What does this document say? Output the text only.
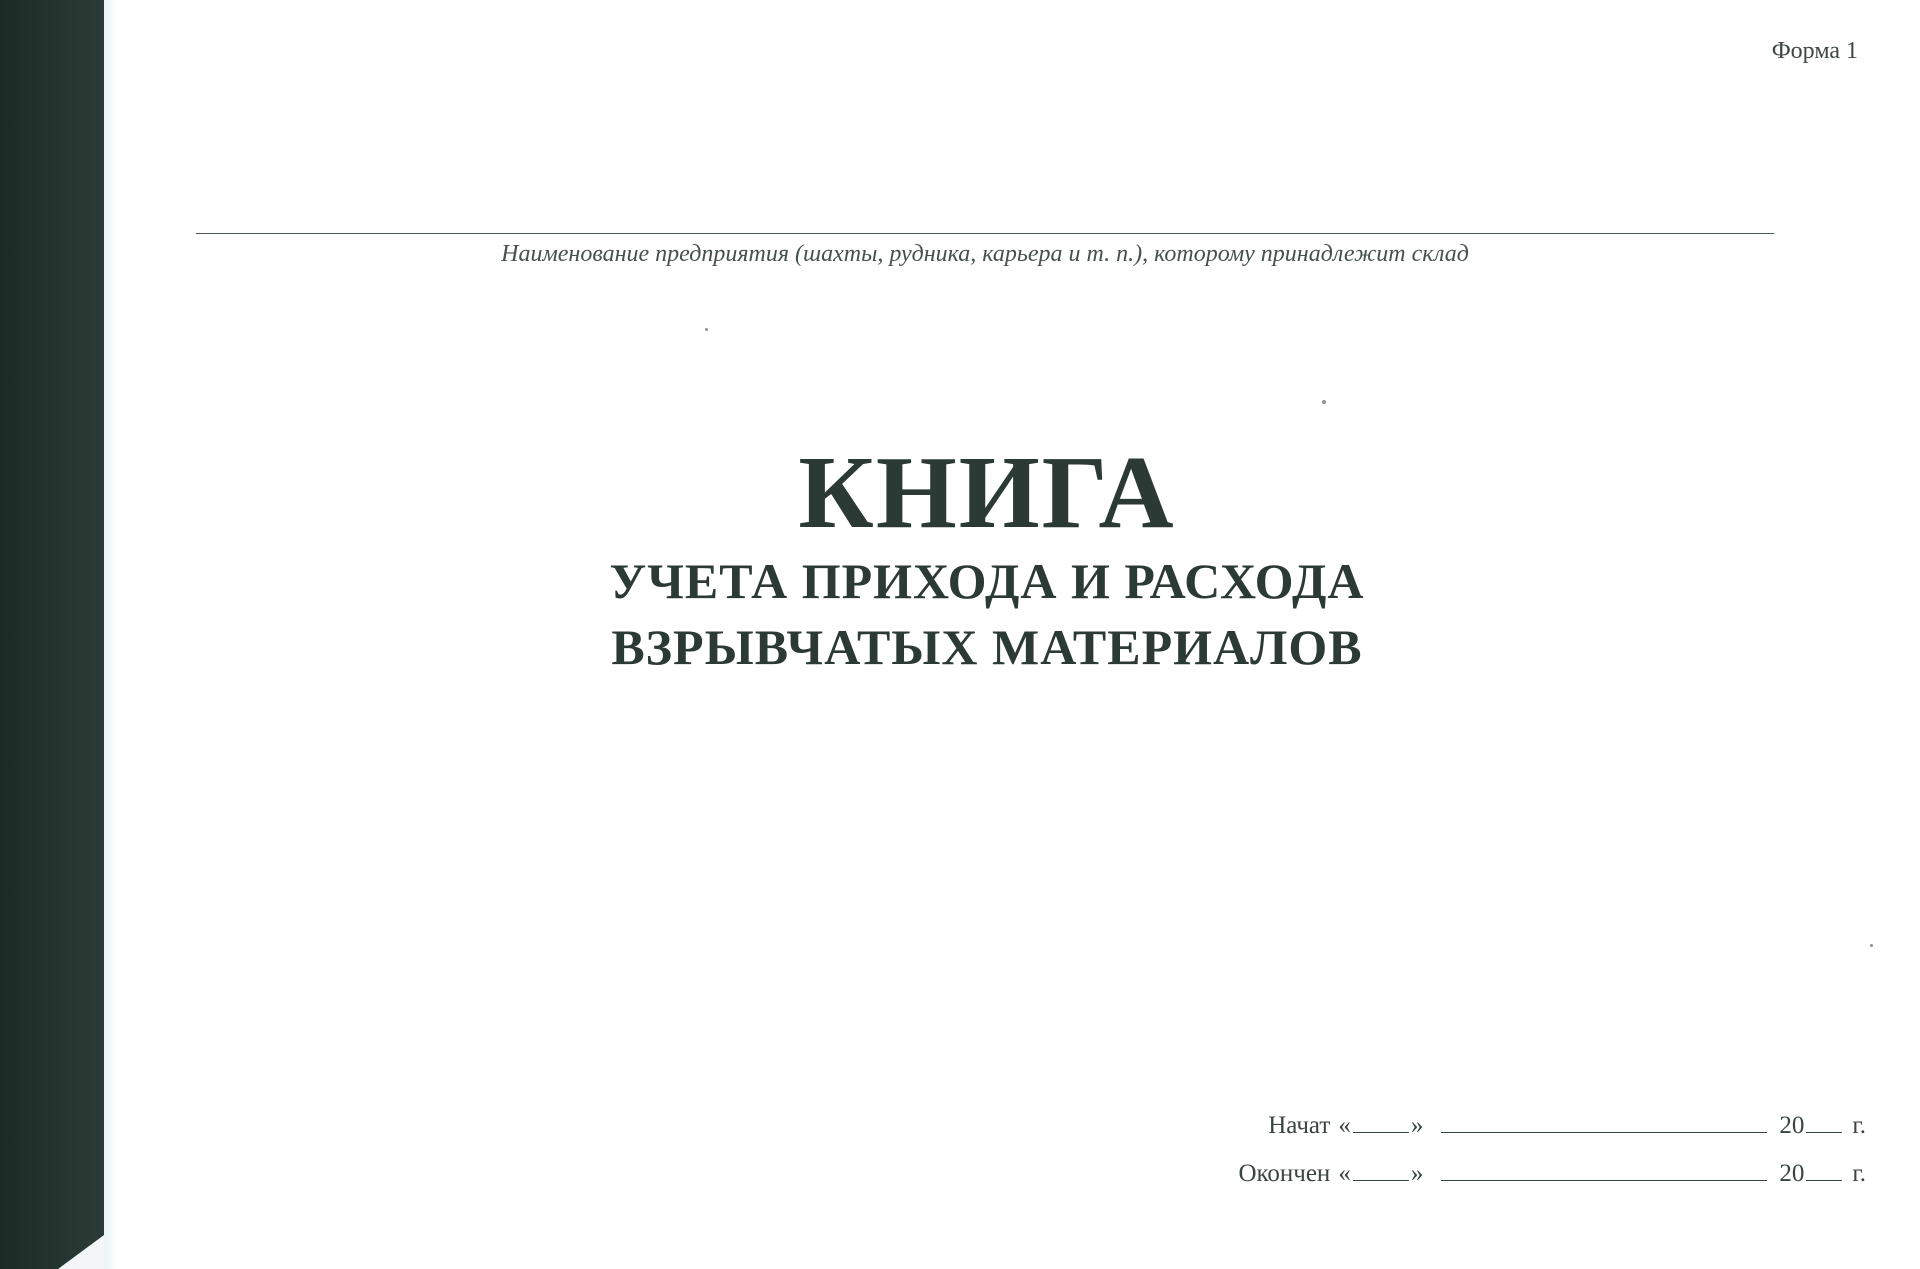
Форма 1
Наименование предприятия (шахты, рудника, карьера и т. п.), которому принадлежит склад
КНИГА
УЧЕТА ПРИХОДА И РАСХОДА
ВЗРЫВЧАТЫХ МАТЕРИАЛОВ
Начат « »	20 г.
Окончен « »	20 г.
